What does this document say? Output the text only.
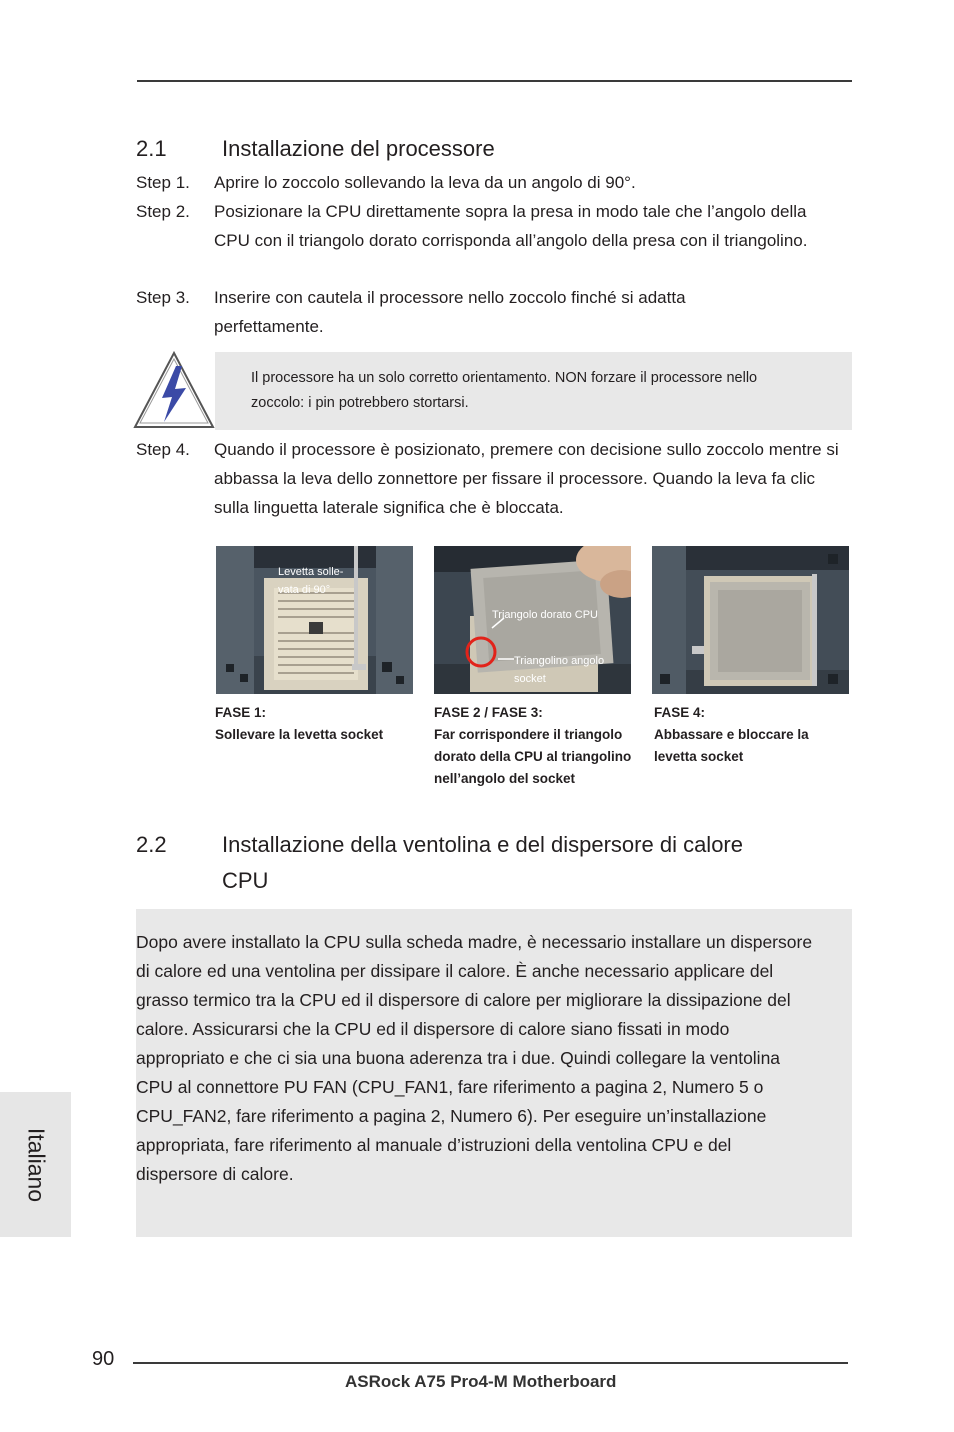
2.1	Installazione del processore
Step 1. Aprire lo zoccolo sollevando la leva da un angolo di 90°.
Step 2. Posizionare la CPU direttamente sopra la presa in modo tale che l’angolo della CPU con il triangolo dorato corrisponda all’angolo della presa con il triangolino.
Step 3. Inserire con cautela il processore nello zoccolo finché si adatta perfettamente.
Il processore ha un solo corretto orientamento. NON forzare il processore nello zoccolo: i pin potrebbero stortarsi.
Step 4. Quando il processore è posizionato, premere con decisione sullo zoccolo mentre si abbassa la leva dello zonnettore per fissare il processore. Quando la leva fa clic sulla linguetta laterale significa che è bloccata.
Levetta solle-
vata di 90°
Triangolo dorato CPU
Triangolino angolo
socket
FASE 1:
Sollevare la levetta socket
FASE 2 / FASE 3:
Far corrispondere il triangolo dorato della CPU al triangolino nell’angolo del socket
FASE 4:
Abbassare e bloccare la levetta socket
2.2	Installazione della ventolina e del dispersore di calore
CPU
Dopo avere installato la CPU sulla scheda madre, è necessario installare un dispersore di calore ed una ventolina per dissipare il calore. È anche necessario applicare del grasso termico tra la CPU ed il dispersore di calore per migliorare la dissipazione del calore. Assicurarsi che la CPU ed il dispersore di calore siano fissati in modo appropriato e che ci sia una buona aderenza tra i due. Quindi collegare la ventolina CPU al connettore PU FAN (CPU_FAN1, fare riferimento a pagina 2, Numero 5 o CPU_FAN2, fare riferimento a pagina 2, Numero 6). Per eseguire un’installazione appropriata, fare riferimento al manuale d’istruzioni della ventolina CPU e del dispersore di calore.
Italiano
90
ASRock A75 Pro4-M Motherboard
